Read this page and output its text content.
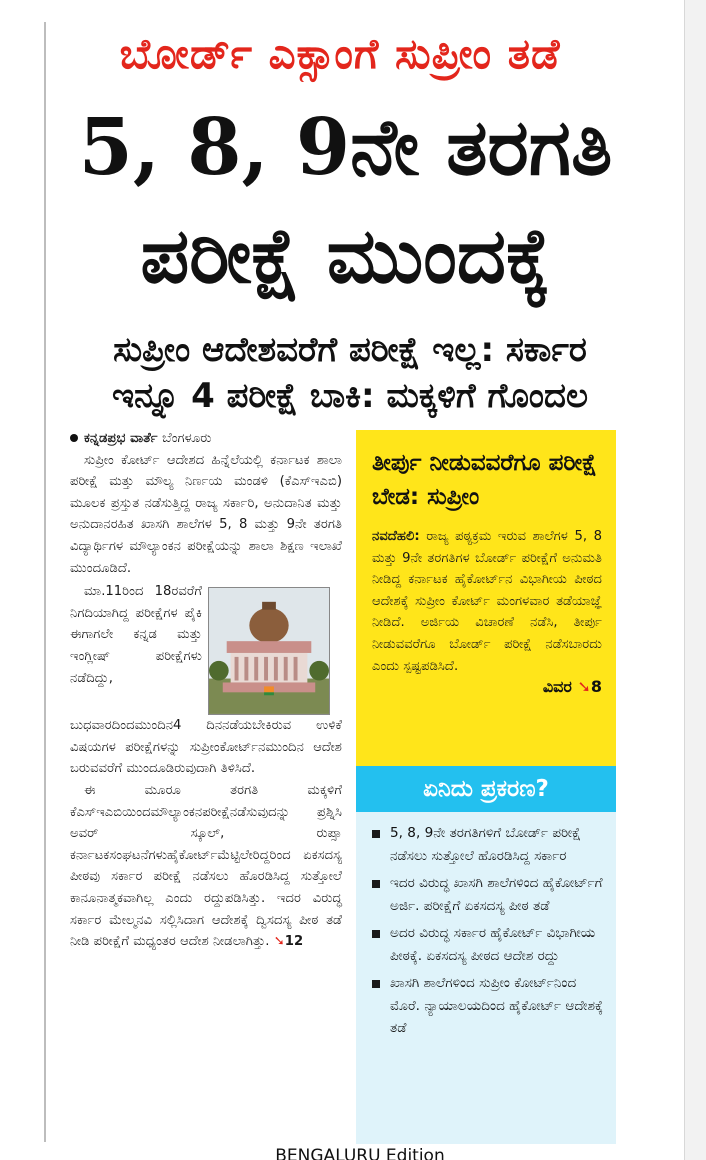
ಬೋರ್ಡ್ ಎಕ್ಸಾಂಗೆ ಸುಪ್ರೀಂ ತಡೆ
5, 8, 9ನೇ ತರಗತಿ
ಪರೀಕ್ಷೆ ಮುಂದಕ್ಕೆ
ಸುಪ್ರೀಂ ಆದೇಶವರೆಗೆ ಪರೀಕ್ಷೆ ಇಲ್ಲ: ಸರ್ಕಾರ
ಇನ್ನೂ 4 ಪರೀಕ್ಷೆ ಬಾಕಿ: ಮಕ್ಕಳಿಗೆ ಗೊಂದಲ
ಕನ್ನಡಪ್ರಭ ವಾರ್ತೆ ಬೆಂಗಳೂರು

ಸುಪ್ರೀಂ ಕೋರ್ಟ್ ಆದೇಶದ ಹಿನ್ನೆಲೆಯಲ್ಲಿ ಕರ್ನಾಟಕ ಶಾಲಾ ಪರೀಕ್ಷೆ ಮತ್ತು ಮೌಲ್ಯ ನಿರ್ಣಯ ಮಂಡಳಿ (ಕೆಎಸ್ಇಎಬಿ) ಮೂಲಕ ಪ್ರಸ್ತುತ ನಡೆಸುತ್ತಿದ್ದ ರಾಜ್ಯ ಸರ್ಕಾರಿ, ಅನುದಾನಿತ ಮತ್ತು ಅನುದಾನರಹಿತ ಖಾಸಗಿ ಶಾಲೆಗಳ 5, 8 ಮತ್ತು 9ನೇ ತರಗತಿ ವಿದ್ಯಾರ್ಥಿಗಳ ಮೌಲ್ಯಾಂಕನ ಪರೀಕ್ಷೆಯನ್ನು ಶಾಲಾ ಶಿಕ್ಷಣ ಇಲಾಖೆ ಮುಂದೂಡಿದೆ.

ಮಾ.11ರಿಂದ 18ರವರೆಗೆ ನಿಗದಿಯಾಗಿದ್ದ ಪರೀಕ್ಷೆಗಳ ಪೈಕಿ ಈಗಾಗಲೇ ಕನ್ನಡ ಮತ್ತು ಇಂಗ್ಲೀಷ್ ಪರೀಕ್ಷೆಗಳು ನಡೆದಿದ್ದು,

ಬುಧವಾರದಿಂದಮುಂದಿನ4 ದಿನನಡೆಯಬೇಕಿರುವ ಉಳಿಕೆ ವಿಷಯಗಳ ಪರೀಕ್ಷೆಗಳನ್ನು ಸುಪ್ರೀಂಕೋರ್ಟ್‌ನಮುಂದಿನ ಆದೇಶ ಬರುವವರೆಗೆ ಮುಂದೂಡಿರುವುದಾಗಿ ತಿಳಿಸಿದೆ.

ಈ ಮೂರೂ ತರಗತಿ ಮಕ್ಕಳಿಗೆ ಕೆಎಸ್ಇಎಬಿಯಿಂದಮೌಲ್ಯಾಂಕನಪರೀಕ್ಷೆನಡೆಸುವುದನ್ನು ಪ್ರಶ್ನಿಸಿ ಅವರ್ ಸ್ಕೂಲ್, ರುಪ್ಸಾ ಕರ್ನಾಟಕಸಂಘಟನೆಗಳುಹೈಕೋರ್ಟ್‌ಮೆಟ್ಟಿಲೇರಿದ್ದರಿಂದ ಏಕಸದಸ್ಯ ಪೀಠವು ಸರ್ಕಾರ ಪರೀಕ್ಷೆ ನಡೆಸಲು ಹೊರಡಿಸಿದ್ದ ಸುತ್ತೋಲೆ ಕಾನೂನಾತ್ಮಕವಾಗಿಲ್ಲ ಎಂದು ರದ್ದುಪಡಿಸಿತ್ತು. ಇದರ ವಿರುದ್ಧ ಸರ್ಕಾರ ಮೇಲ್ಮನವಿ ಸಲ್ಲಿಸಿದಾಗ ಆದೇಶಕ್ಕೆ ದ್ವಿಸದಸ್ಯ ಪೀಠ ತಡೆ ನೀಡಿ ಪರೀಕ್ಷೆಗೆ ಮಧ್ಯಂತರ ಆದೇಶ ನೀಡಲಾಗಿತ್ತು. ➘12

ತೀರ್ಪು ನೀಡುವವರೆಗೂ ಪರೀಕ್ಷೆ ಬೇಡ: ಸುಪ್ರೀಂ

ನವದೆಹಲಿ: ರಾಜ್ಯ ಪಠ್ಯಕ್ರಮ ಇರುವ ಶಾಲೆಗಳ 5, 8 ಮತ್ತು 9ನೇ ತರಗತಿಗಳ ಬೋರ್ಡ್ ಪರೀಕ್ಷೆಗೆ ಅನುಮತಿ ನೀಡಿದ್ದ ಕರ್ನಾಟಕ ಹೈಕೋರ್ಟ್‌ನ ವಿಭಾಗೀಯ ಪೀಠದ ಆದೇಶಕ್ಕೆ ಸುಪ್ರೀಂ ಕೋರ್ಟ್ ಮಂಗಳವಾರ ತಡೆಯಾಜ್ಞೆ ನೀಡಿದೆ. ಅರ್ಜಿಯ ವಿಚಾರಣೆ ನಡೆಸಿ, ತೀರ್ಪು ನೀಡುವವರೆಗೂ ಬೋರ್ಡ್ ಪರೀಕ್ಷೆ ನಡೆಸಬಾರದು ಎಂದು ಸ್ಪಷ್ಟಪಡಿಸಿದೆ.

ವಿವರ ➘8
ಏನಿದು ಪ್ರಕರಣ?
5, 8, 9ನೇ ತರಗತಿಗಳಿಗೆ ಬೋರ್ಡ್ ಪರೀಕ್ಷೆ ನಡೆಸಲು ಸುತ್ತೋಲೆ ಹೊರಡಿಸಿದ್ದ ಸರ್ಕಾರ
ಇದರ ವಿರುದ್ಧ ಖಾಸಗಿ ಶಾಲೆಗಳಿಂದ ಹೈಕೋರ್ಟ್‌ಗೆ ಅರ್ಜಿ. ಪರೀಕ್ಷೆಗೆ ಏಕಸದಸ್ಯ ಪೀಠ ತಡೆ
ಅದರ ವಿರುದ್ಧ ಸರ್ಕಾರ ಹೈಕೋರ್ಟ್ ವಿಭಾಗೀಯ ಪೀಠಕ್ಕೆ. ಏಕಸದಸ್ಯ ಪೀಠದ ಆದೇಶ ರದ್ದು
ಖಾಸಗಿ ಶಾಲೆಗಳಿಂದ ಸುಪ್ರೀಂ ಕೋರ್ಟ್‌ನಿಂದ ಮೊರೆ. ನ್ಯಾಯಾಲಯದಿಂದ ಹೈಕೋರ್ಟ್ ಆದೇಶಕ್ಕೆ ತಡೆ
BENGALURU Edition
